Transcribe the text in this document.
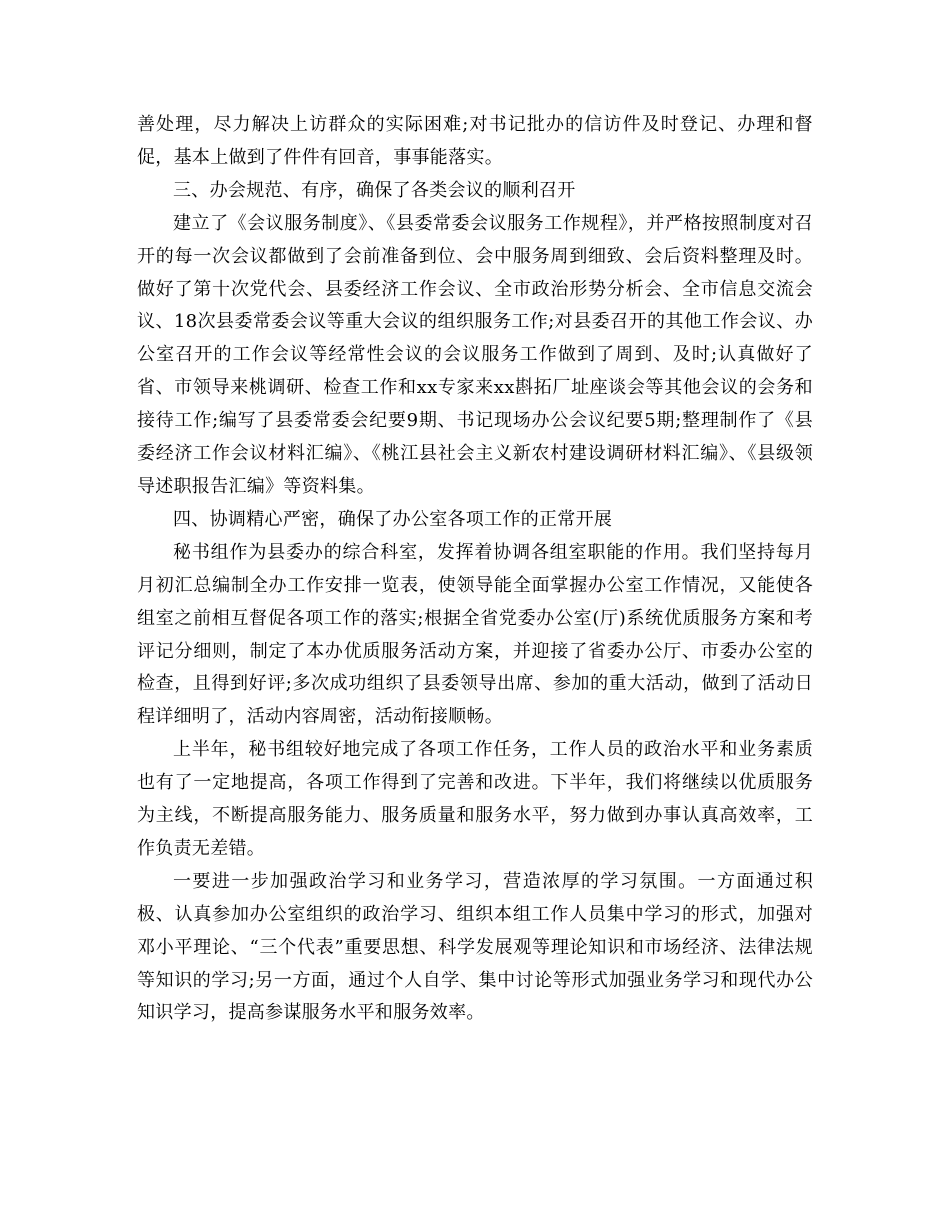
善处理，尽力解决上访群众的实际困难;对书记批办的信访件及时登记、办理和督促，基本上做到了件件有回音，事事能落实。

三、办会规范、有序，确保了各类会议的顺利召开

建立了《会议服务制度》、《县委常委会议服务工作规程》，并严格按照制度对召开的每一次会议都做到了会前准备到位、会中服务周到细致、会后资料整理及时。做好了第十次党代会、县委经济工作会议、全市政治形势分析会、全市信息交流会议、18次县委常委会议等重大会议的组织服务工作;对县委召开的其他工作会议、办公室召开的工作会议等经常性会议的会议服务工作做到了周到、及时;认真做好了省、市领导来桃调研、检查工作和xx专家来xx斟拓厂址座谈会等其他会议的会务和接待工作;编写了县委常委会纪要9期、书记现场办公会议纪要5期;整理制作了《县委经济工作会议材料汇编》、《桃江县社会主义新农村建设调研材料汇编》、《县级领导述职报告汇编》等资料集。

四、协调精心严密，确保了办公室各项工作的正常开展

秘书组作为县委办的综合科室，发挥着协调各组室职能的作用。我们坚持每月月初汇总编制全办工作安排一览表，使领导能全面掌握办公室工作情况，又能使各组室之前相互督促各项工作的落实;根据全省党委办公室(厅)系统优质服务方案和考评记分细则，制定了本办优质服务活动方案，并迎接了省委办公厅、市委办公室的检查，且得到好评;多次成功组织了县委领导出席、参加的重大活动，做到了活动日程详细明了，活动内容周密，活动衔接顺畅。

上半年，秘书组较好地完成了各项工作任务，工作人员的政治水平和业务素质也有了一定地提高，各项工作得到了完善和改进。下半年，我们将继续以优质服务为主线，不断提高服务能力、服务质量和服务水平，努力做到办事认真高效率，工作负责无差错。

一要进一步加强政治学习和业务学习，营造浓厚的学习氛围。一方面通过积极、认真参加办公室组织的政治学习、组织本组工作人员集中学习的形式，加强对邓小平理论、“三个代表”重要思想、科学发展观等理论知识和市场经济、法律法规等知识的学习;另一方面，通过个人自学、集中讨论等形式加强业务学习和现代办公知识学习，提高参谋服务水平和服务效率。
